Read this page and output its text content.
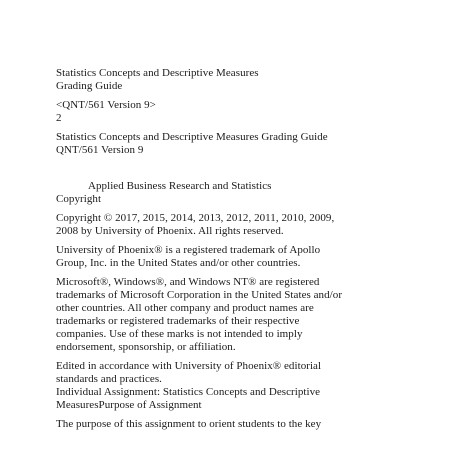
Statistics Concepts and Descriptive Measures
Grading Guide
<QNT/561 Version 9>
2
Statistics Concepts and Descriptive Measures Grading Guide
QNT/561 Version 9
Applied Business Research and Statistics
Copyright
Copyright © 2017, 2015, 2014, 2013, 2012, 2011, 2010, 2009,
2008 by University of Phoenix. All rights reserved.
University of Phoenix® is a registered trademark of Apollo
Group, Inc. in the United States and/or other countries.
Microsoft®, Windows®, and Windows NT® are registered
trademarks of Microsoft Corporation in the United States and/or
other countries. All other company and product names are
trademarks or registered trademarks of their respective
companies. Use of these marks is not intended to imply
endorsement, sponsorship, or affiliation.
Edited in accordance with University of Phoenix® editorial
standards and practices.
Individual Assignment: Statistics Concepts and Descriptive
MeasuresPurpose of Assignment
The purpose of this assignment to orient students to the key
